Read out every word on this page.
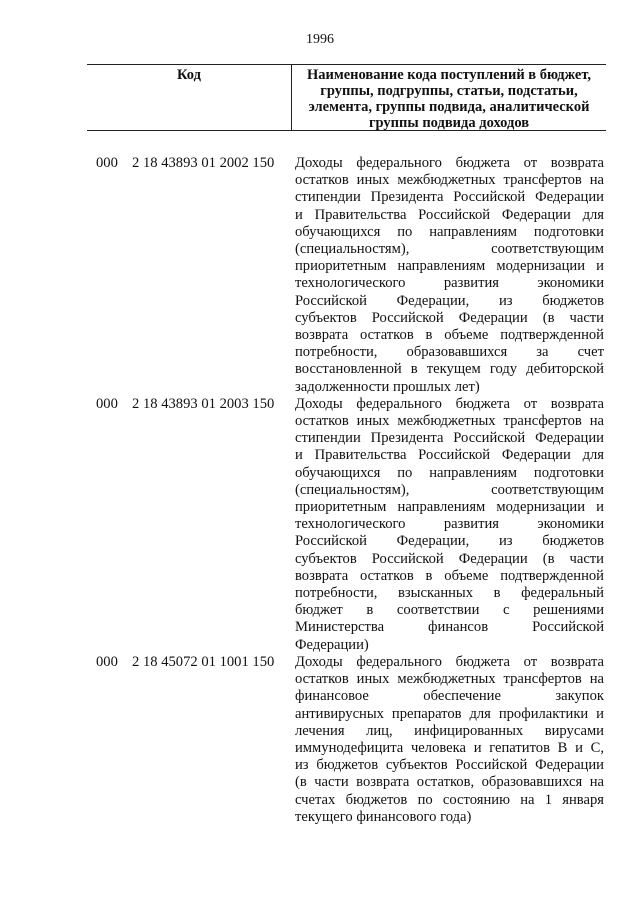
1996
Код	Наименование кода поступлений в бюджет,
группы, подгруппы, статьи, подстатьи,
элемента, группы подвида, аналитической
группы подвида доходов
000 2 18 43893 01 2002 150	Доходы федерального бюджета от возврата
остатков иных межбюджетных трансфертов на
стипендии Президента Российской Федерации
и Правительства Российской Федерации для
обучающихся по направлениям подготовки
(специальностям), соответствующим
приоритетным направлениям модернизации и
технологического развития экономики
Российской Федерации, из бюджетов
субъектов Российской Федерации (в части
возврата остатков в объеме подтвержденной
потребности, образовавшихся за счет
восстановленной в текущем году дебиторской
задолженности прошлых лет)
000 2 18 43893 01 2003 150	Доходы федерального бюджета от возврата
остатков иных межбюджетных трансфертов на
стипендии Президента Российской Федерации
и Правительства Российской Федерации для
обучающихся по направлениям подготовки
(специальностям), соответствующим
приоритетным направлениям модернизации и
технологического развития экономики
Российской Федерации, из бюджетов
субъектов Российской Федерации (в части
возврата остатков в объеме подтвержденной
потребности, взысканных в федеральный
бюджет в соответствии с решениями
Министерства финансов Российской
Федерации)
000 2 18 45072 01 1001 150	Доходы федерального бюджета от возврата
остатков иных межбюджетных трансфертов на
финансовое обеспечение закупок
антивирусных препаратов для профилактики и
лечения лиц, инфицированных вирусами
иммунодефицита человека и гепатитов В и С,
из бюджетов субъектов Российской Федерации
(в части возврата остатков, образовавшихся на
счетах бюджетов по состоянию на 1 января
текущего финансового года)
